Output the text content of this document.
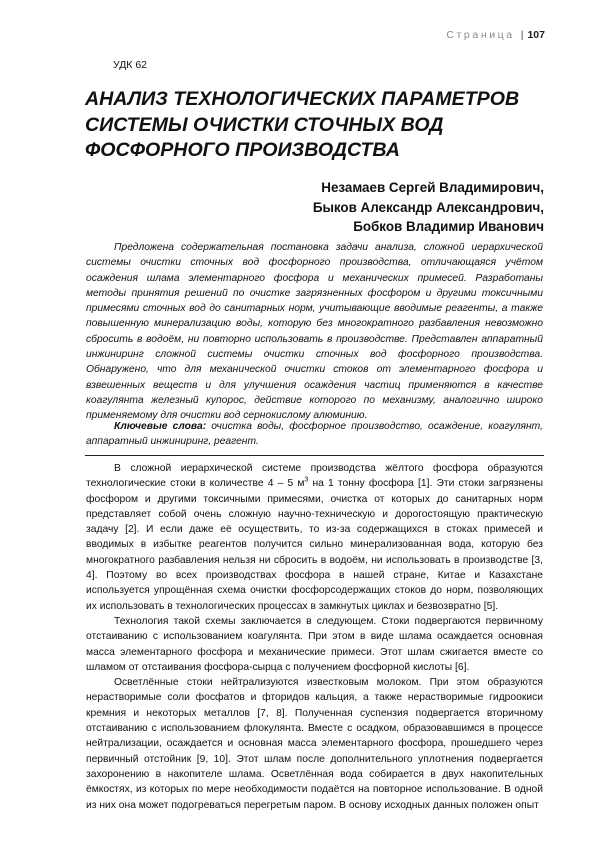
Страница | 107
УДК 62
АНАЛИЗ ТЕХНОЛОГИЧЕСКИХ ПАРАМЕТРОВ СИСТЕМЫ ОЧИСТКИ СТОЧНЫХ ВОД ФОСФОРНОГО ПРОИЗВОДСТВА
Незамаев Сергей Владимирович,
Быков Александр Александрович,
Бобков Владимир Иванович

Предложена содержательная постановка задачи анализа, сложной иерархической системы очистки сточных вод фосфорного производства, отличающаяся учётом осаждения шлама элементарного фосфора и механических примесей. Разработаны методы принятия решений по очистке загрязненных фосфором и другими токсичными примесями сточных вод до санитарных норм, учитывающие вводимые реагенты, а также повышенную минерализацию воды, которую без многократного разбавления невозможно сбросить в водоём, ни повторно использовать в производстве. Представлен аппаратный инжиниринг сложной системы очистки сточных вод фосфорного производства. Обнаружено, что для механической очистки стоков от элементарного фосфора и взвешенных веществ и для улучшения осаждения частиц применяются в качестве коагулянта железный купорос, действие которого по механизму, аналогично широко применяемому для очистки вод сернокислому алюминию.

Ключевые слова: очистка воды, фосфорное производство, осаждение, коагулянт, аппаратный инжиниринг, реагент.

В сложной иерархической системе производства жёлтого фосфора образуются технологические стоки в количестве 4 – 5 $м^3$ на 1 тонну фосфора [1]. Эти стоки загрязнены фосфором и другими токсичными примесями, очистка от которых до санитарных норм представляет собой очень сложную научно-техническую и дорогостоящую практическую задачу [2]. И если даже её осуществить, то из-за содержащихся в стоках примесей и вводимых в избытке реагентов получится сильно минерализованная вода, которую без многократного разбавления нельзя ни сбросить в водоём, ни использовать в производстве [3, 4]. Поэтому во всех производствах фосфора в нашей стране, Китае и Казахстане используется упрощённая схема очистки фосфорсодержащих стоков до норм, позволяющих их использовать в технологических процессах в замкнутых циклах и безвозвратно [5].

Технология такой схемы заключается в следующем. Стоки подвергаются первичному отстаиванию с использованием коагулянта. При этом в виде шлама осаждается основная масса элементарного фосфора и механические примеси. Этот шлам сжигается вместе со шламом от отстаивания фосфора-сырца с получением фосфорной кислоты [6].

Осветлённые стоки нейтрализуются известковым молоком. При этом образуются нерастворимые соли фосфатов и фторидов кальция, а также нерастворимые гидроокиси кремния и некоторых металлов [7, 8]. Полученная суспензия подвергается вторичному отстаиванию с использованием флокулянта. Вместе с осадком, образовавшимся в процессе нейтрализации, осаждается и основная масса элементарного фосфора, прошедшего через первичный отстойник [9, 10]. Этот шлам после дополнительного уплотнения подвергается захоронению в накопителе шлама. Осветлённая вода собирается в двух накопительных ёмкостях, из которых по мере необходимости подаётся на повторное использование. В одной из них она может подогреваться перегретым паром. В основу исходных данных положен опыт
